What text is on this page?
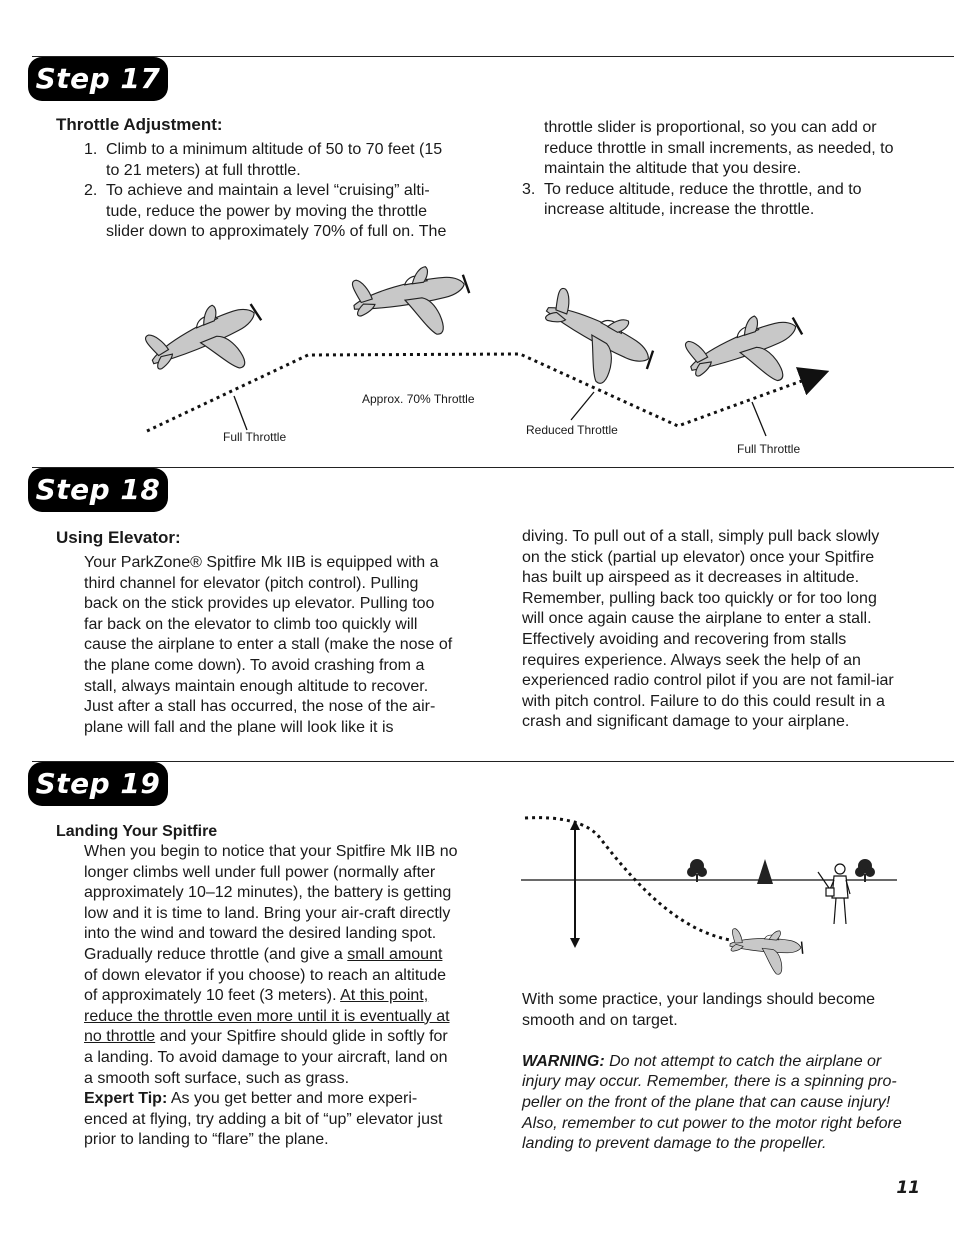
Step 17
Throttle Adjustment:
1. Climb to a minimum altitude of 50 to 70 feet (15 to 21 meters) at full throttle.
2. To achieve and maintain a level “cruising” alti-
tude, reduce the power by moving the throttle
slider down to approximately 70% of full on. The
throttle slider is proportional, so you can add or reduce throttle in small increments, as needed, to maintain the altitude that you desire.
3. To reduce altitude, reduce the throttle, and to increase altitude, increase the throttle.
Full Throttle
Approx. 70% Throttle
Reduced Throttle
Full Throttle
Step 18
Using Elevator:
Your ParkZone® Spitfire Mk IIB is equipped with a third channel for elevator (pitch control). Pulling back on the stick provides up elevator. Pulling too far back on the elevator to climb too quickly will cause the airplane to enter a stall (make the nose of the plane come down). To avoid crashing from a stall, always maintain enough altitude to recover. Just after a stall has occurred, the nose of the air-plane will fall and the plane will look like it is
diving. To pull out of a stall, simply pull back slowly on the stick (partial up elevator) once your Spitfire has built up airspeed as it decreases in altitude. Remember, pulling back too quickly or for too long will once again cause the airplane to enter a stall. Effectively avoiding and recovering from stalls requires experience. Always seek the help of an experienced radio control pilot if you are not famil-iar with pitch control. Failure to do this could result in a crash and significant damage to your airplane.
Step 19
Landing Your Spitfire

When you begin to notice that your Spitfire Mk IIB no longer climbs well under full power (normally after approximately 10–12 minutes), the battery is getting low and it is time to land. Bring your air-craft directly into the wind and toward the desired landing spot. Gradually reduce throttle (and give a small amount of down elevator if you choose) to reach an altitude of approximately 10 feet (3 meters). At this point, reduce the throttle even more until it is eventually at no throttle and your Spitfire should glide in softly for a landing. To avoid damage to your aircraft, land on a smooth soft surface, such as grass.

Expert Tip: As you get better and more experi-enced at flying, try adding a bit of “up” elevator just prior to landing to “flare” the plane.

With some practice, your landings should become smooth and on target.

WARNING: Do not attempt to catch the airplane or injury may occur. Remember, there is a spinning pro-peller on the front of the plane that can cause injury! Also, remember to cut power to the motor right before landing to prevent damage to the propeller.

11
